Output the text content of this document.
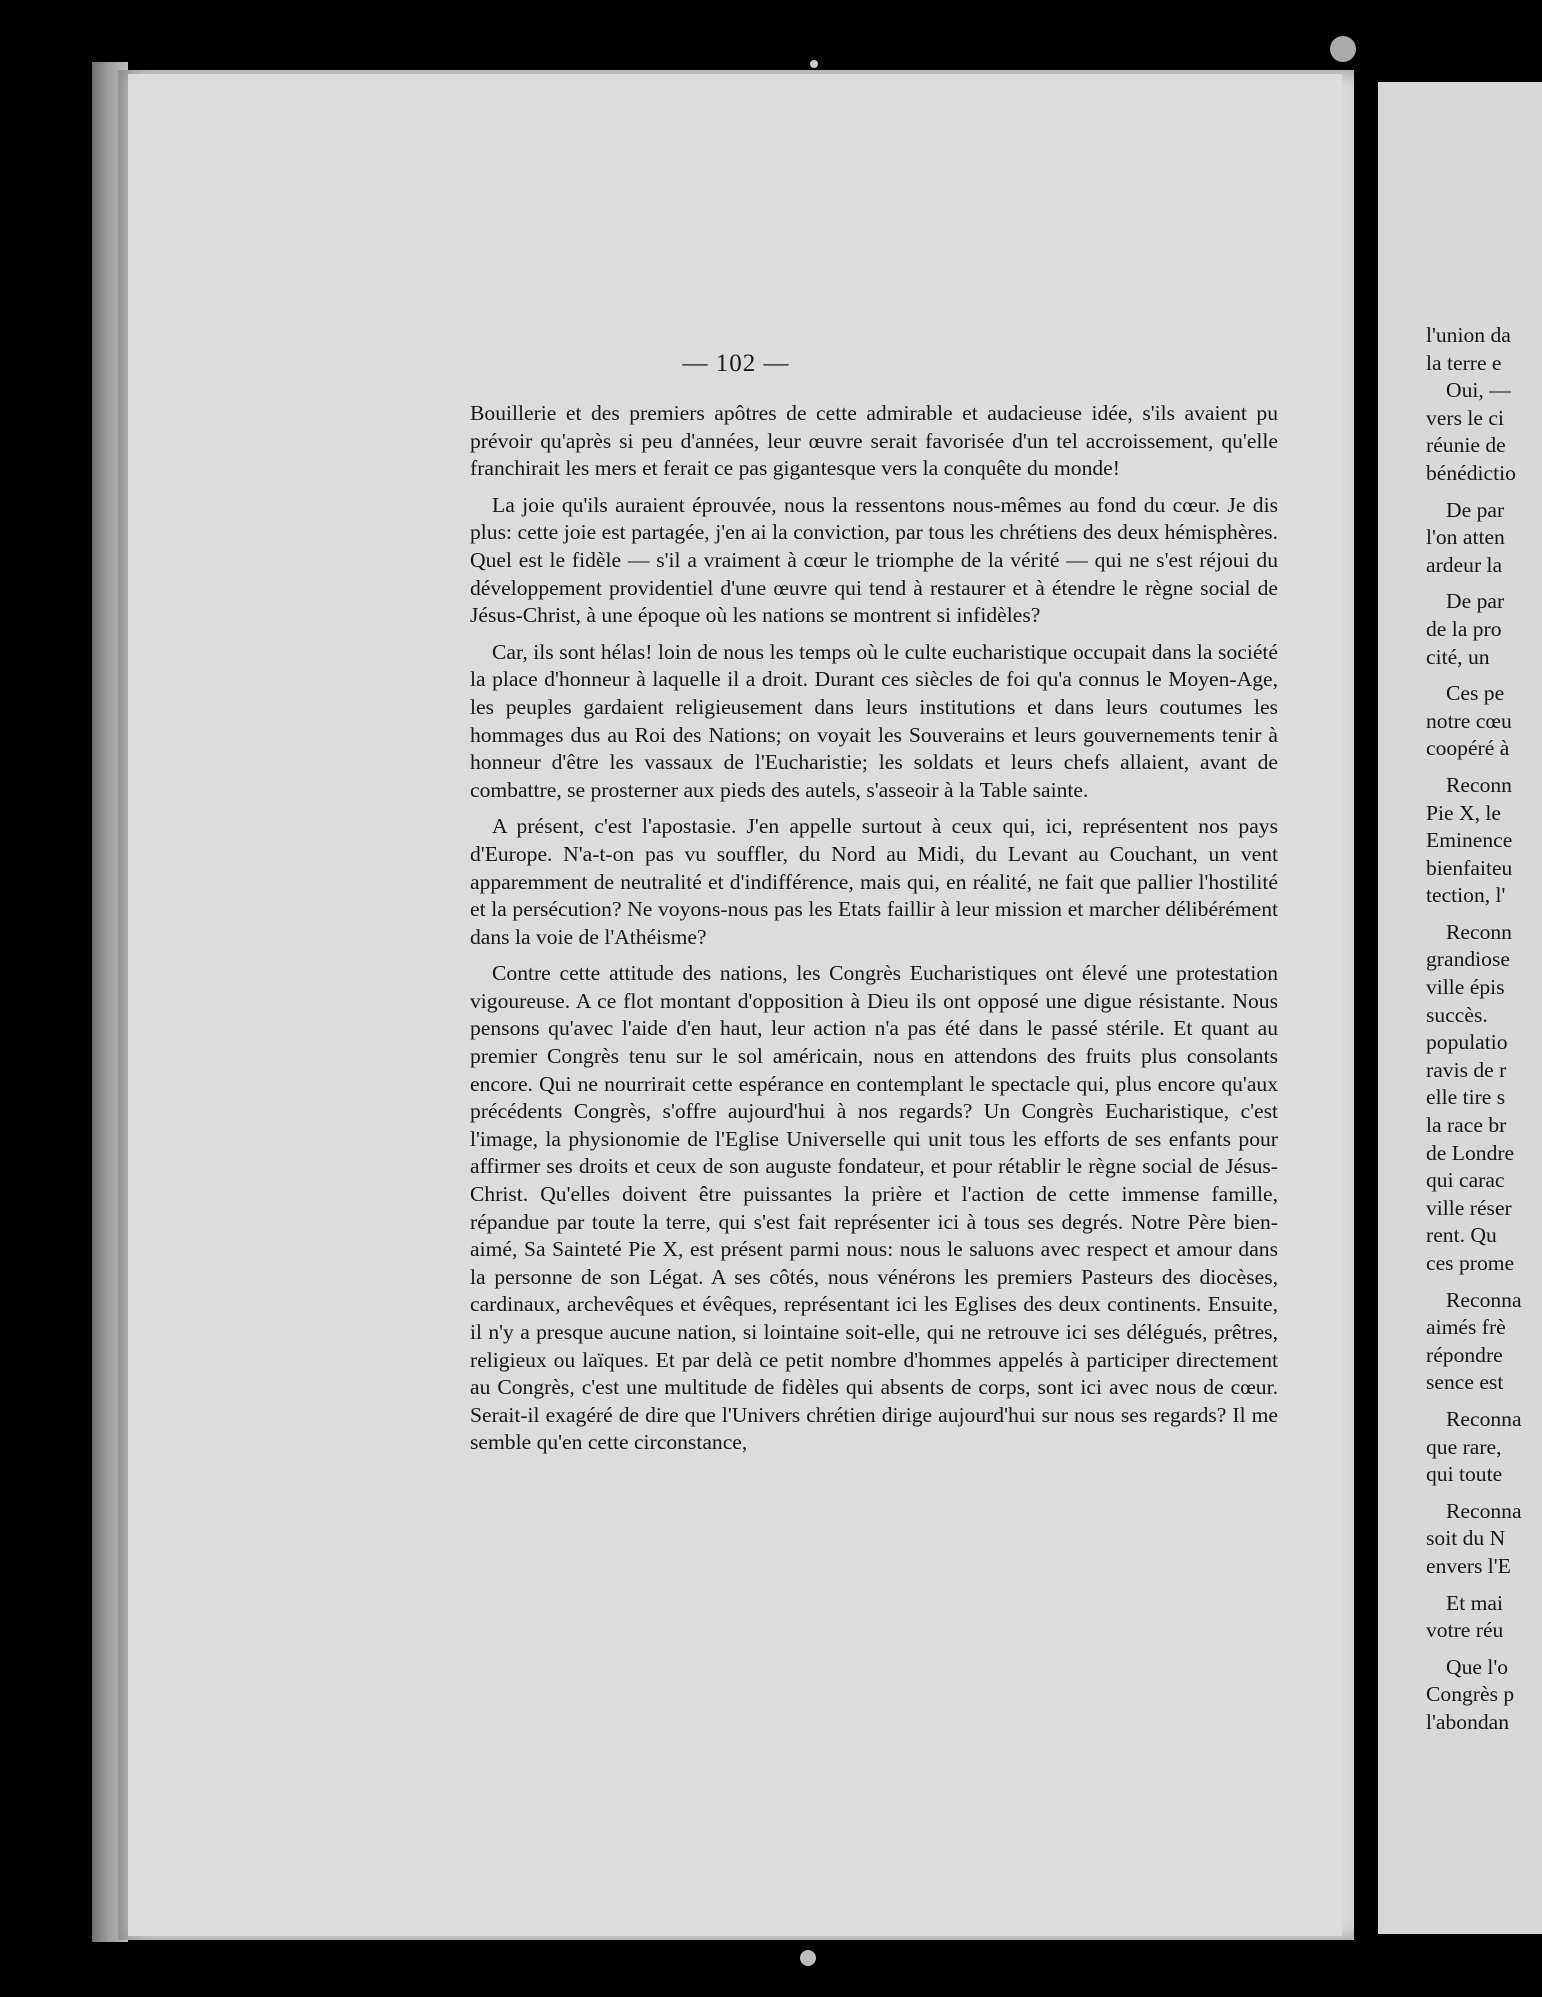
— 102 —

Bouillerie et des premiers apôtres de cette admirable et audacieuse idée, s'ils avaient pu prévoir qu'après si peu d'années, leur œuvre serait favorisée d'un tel accroissement, qu'elle franchirait les mers et ferait ce pas gigantesque vers la conquête du monde!

La joie qu'ils auraient éprouvée, nous la ressentons nous-mêmes au fond du cœur. Je dis plus: cette joie est partagée, j'en ai la conviction, par tous les chrétiens des deux hémisphères. Quel est le fidèle — s'il a vraiment à cœur le triomphe de la vérité — qui ne s'est réjoui du développement providentiel d'une œuvre qui tend à restaurer et à étendre le règne social de Jésus-Christ, à une époque où les nations se montrent si infidèles?

Car, ils sont hélas! loin de nous les temps où le culte eucharistique occupait dans la société la place d'honneur à laquelle il a droit. Durant ces siècles de foi qu'a connus le Moyen-Age, les peuples gardaient religieusement dans leurs institutions et dans leurs coutumes les hommages dus au Roi des Nations; on voyait les Souverains et leurs gouvernements tenir à honneur d'être les vassaux de l'Eucharistie; les soldats et leurs chefs allaient, avant de combattre, se prosterner aux pieds des autels, s'asseoir à la Table sainte.

A présent, c'est l'apostasie. J'en appelle surtout à ceux qui, ici, représentent nos pays d'Europe. N'a-t-on pas vu souffler, du Nord au Midi, du Levant au Couchant, un vent apparemment de neutralité et d'indifférence, mais qui, en réalité, ne fait que pallier l'hostilité et la persécution? Ne voyons-nous pas les Etats faillir à leur mission et marcher délibérément dans la voie de l'Athéisme?

Contre cette attitude des nations, les Congrès Eucharistiques ont élevé une protestation vigoureuse. A ce flot montant d'opposition à Dieu ils ont opposé une digue résistante. Nous pensons qu'avec l'aide d'en haut, leur action n'a pas été dans le passé stérile. Et quant au premier Congrès tenu sur le sol américain, nous en attendons des fruits plus consolants encore. Qui ne nourrirait cette espérance en contemplant le spectacle qui, plus encore qu'aux précédents Congrès, s'offre aujourd'hui à nos regards? Un Congrès Eucharistique, c'est l'image, la physionomie de l'Eglise Universelle qui unit tous les efforts de ses enfants pour affirmer ses droits et ceux de son auguste fondateur, et pour rétablir le règne social de Jésus-Christ. Qu'elles doivent être puissantes la prière et l'action de cette immense famille, répandue par toute la terre, qui s'est fait représenter ici à tous ses degrés. Notre Père bien-aimé, Sa Sainteté Pie X, est présent parmi nous: nous le saluons avec respect et amour dans la personne de son Légat. A ses côtés, nous vénérons les premiers Pasteurs des diocèses, cardinaux, archevêques et évêques, représentant ici les Eglises des deux continents. Ensuite, il n'y a presque aucune nation, si lointaine soit-elle, qui ne retrouve ici ses délégués, prêtres, religieux ou laïques. Et par delà ce petit nombre d'hommes appelés à participer directement au Congrès, c'est une multitude de fidèles qui absents de corps, sont ici avec nous de cœur. Serait-il exagéré de dire que l'Univers chrétien dirige aujourd'hui sur nous ses regards? Il me semble qu'en cette circonstance,

l'union da
la terre e
Oui, —
vers le ci
réunie de
bénédictio
De par
l'on atten
ardeur la
De par
de la pro
cité, un
Ces pe
notre cœu
coopéré à
Reconn
Pie X, le
Eminence
bienfaiteu
tection, l'
Reconn
grandiose
ville épis
succès.
populatio
ravis de r
elle tire s
la race br
de Londre
qui carac
ville réser
rent. Qu
ces prome
Reconna
aimés frè
répondre
sence est
Reconna
que rare,
qui toute
Reconna
soit du N
envers l'E
Et mai
votre réu
Que l'o
Congrès p
l'abondan
